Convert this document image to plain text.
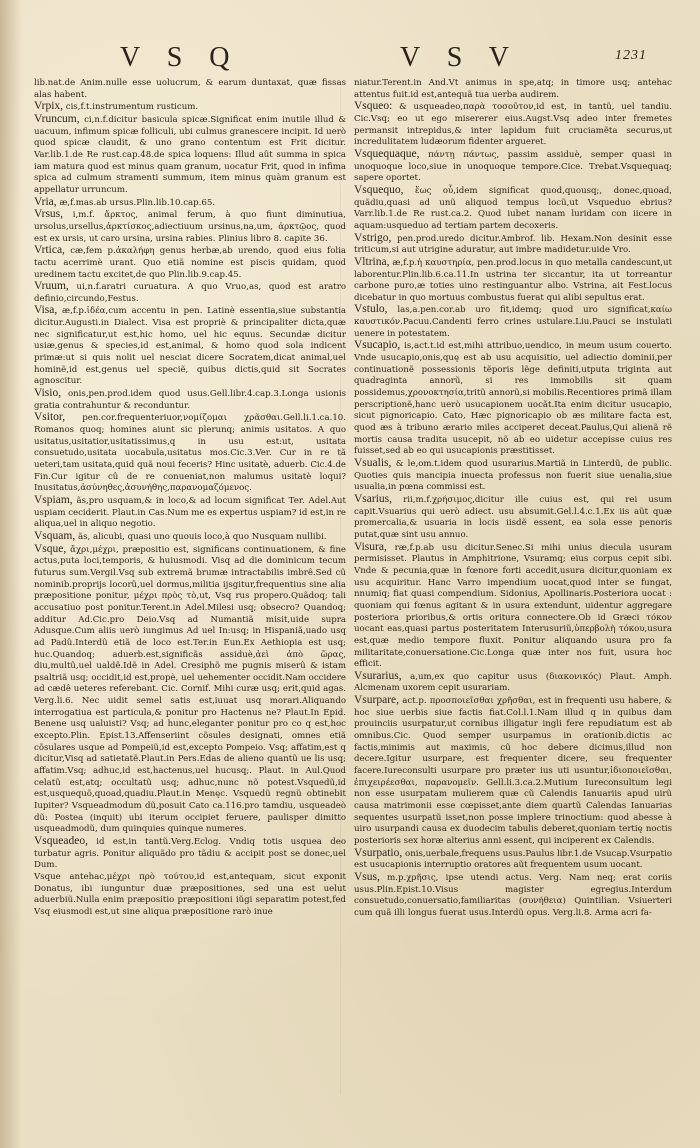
V S Q	V S V	1231

lib.nat.de Anim.nulle esse uolucrum, & earum duntaxat, quæ fissas alas habent.

Vrpix, cis,f.t.instrumentum rusticum.

Vruncum, ci,n.f.dicitur basicula spicæ.Significat enim inutile illud & uacuum, infimum spicæ folliculi, ubi culmus granescere incipit. Id uerò quod spicæ claudit, & uno grano contentum est Frit dicitur. Var.lib.1.de Re rust.cap.48.de spica loquens: Illud aût summa in spica iam matura quod est minus quam granum, uocatur Frit, quod in infima spica ad culmum stramenti summum, item minus quàm granum est appellatur urruncum.

Vria, æ,f.mas.ab ursus.Plin.lib.10.cap.65.

Vrsus, i,m.f. ἄρκτος, animal ferum, à quo fiunt diminutiua, ursolus,ursellus,ἀρκτίσκος,adiectiuum ursinus,na,um, ἀρκτῷος, quod est ex ursis, ut caro ursina, ursina rabies. Plinius libro 8. capite 36.

Vrtica, cæ,fem p.ἀκαλήφη genus herbæ,ab urendo, quod eius folia tactu acerrimè urant. Quo etiã nomine est piscis quidam, quod uredinem tactu excitet,de quo Plin.lib.9.cap.45.

Vruum, ui,n.f.aratri curuatura. A quo Vruo,as, quod est aratro definio,circundo,Festus.

Visa, æ,f.p.ἰδέα,cum accentu in pen. Latinè essentia,siue substantia dicitur.Augusti.in Dialect. Visa est propriè & principaliter dicta,quæ nec significatur,ut est,hic homo, uel hic equus. Secundæ dicitur usiæ,genus & species,id est,animal, & homo quod sola indicent primæ:ut si quis nolit uel nesciat dicere Socratem,dicat animal,uel hominẽ,id est,genus uel speciẽ, quibus dictis,quid sit Socrates agnoscitur.

Visio, onis,pen.prod.idem quod usus.Gell.libr.4.cap.3.Longa usionis gratia contrahuntur & reconduntur.

Vsitor, pen.cor.frequenteriuor,νομίζομαι χρᾶσθαι.Gell.li.1.ca.10. Romanos quoq; homines aiunt sic plerunq; animis usitatos. A quo usitatus,usitatior,usitatissimus,q in usu est:ut, usitata consuetudo,usitata uocabula,usitatus mos.Cic.3.Ver. Cur in re tã ueteri,tam usitata,quid quã noui feceris? Hinc usitatè, aduerb. Cic.4.de Fin.Cur igitur cû de re conueniat,non malumus usitatè loqui? Inusitatus,ἀσύνηθες,ἀσυνήθης,παρανομαζόμενος.

Vspiam, ãs,pro usquam,& in loco,& ad locum significat Ter. Adel.Aut uspiam ceciderit. Plaut.in Cas.Num me es expertus uspiam? id est,in re aliqua,uel in aliquo negotio.

Vsquam, ãs, alicubi, quasi uno quouis loco,à quo Nusquam nullibi.

Vsque, ἄχρι,μέχρι, præpositio est, significans continuationem, & fine actus,puta loci,temporis, & huiusmodi. Visq ad die dominicum tecum futurus sum.Vergil.Vsq sub extremã brumæ intractabilis imbrê.Sed cû nominib.proprijs locorû,uel dormus,militia ijsgitur,frequentius sine alia præpositione ponitur, μέχρι πρὸς τὸ,ut, Vsq rus propero.Quãdoq; tali accusatiuo post ponitur.Terent.in Adel.Milesi usq; obsecro? Quandoq; additur Ad.Cic.pro Deio.Vsq ad Numantiã misit,uide supra Adusque.Cum aliis uerò iungimus Ad uel In:usq; in Hispaniã,uado usq ad Padû.Interdû etiã de loco est.Ter.in Eun.Ex Aethiopia est usq; huc.Quandoq; aduerb.est,significãs assiduè,ἀεὶ ἀπὸ ὥρας, diu,multû,uel ualdê.Idẽ in Adel. Cresiphõ me pugnis miserû & istam psaltriã usq; occidit,id est,propè, uel uehementer occidit.Nam occidere ad cædê ueteres referebant. Cic. Cornif. Mihi curæ usq; erit,quid agas. Verg.li.6. Nec uidit semel satis est,iuuat usq morari.Aliquando interrogatiua est particula,& ponitur pro Hactenus ne? Plaut.In Epid. Benene usq ualuisti? Vsq; ad hunc,eleganter ponitur pro co q est,hoc excepto.Plin. Epist.13.Affenseriint cõsules designati, omnes etiã cõsulares usque ad Pompeiũ,id est,excepto Pompeio. Vsq; affatim,est q dicitur,Visq ad satietatẽ.Plaut.in Pers.Edas de alieno quantũ ue lis usq; affatim.Vsq; adhuc,id est,hactenus,uel hucusq;. Plaut. in Aul.Quod celatũ est,atq; occultatũ usq; adhuc,nunc nõ potest.Vsquedũ,id est,usquequõ,quoad,quadiu.Plaut.in Menęc. Vsquedũ regnũ obtinebit Iupiter? Vsqueadmodum dũ,posuit Cato ca.116.pro tamdiu, usqueadeò dũ: Postea (inquit) ubi iterum occipiet feruere, paulisper dimitto usqueadmodũ, dum quinquies quinque numeres.

Vsqueadeo, id est,in tantũ.Verg.Eclog. Vndiq totis usquea deo turbatur agris. Ponitur aliquãdo pro tãdiu & accipit post se donec,uel Dum.

Vsque antehac,μέχρι πρὸ τούτου,id est,antequam, sicut exponit Donatus, ibi iunguntur duæ præpositiones, sed una est uelut aduerbiũ.Nulla enim præpositio præpositioni iŭgi separatim potest,fed Vsq eiusmodi est,ut sine aliqua præpositione rarò inue

niatur.Terent.in And.Vt animus in spe,atq; in timore usq; antehac attentus fuit.id est,antequã tua uerba audirem.

Vsqueo: & usqueadeo,παρὰ τοσοῦτον,id est, in tantũ, uel tandiu. Cic.Vsq; eo ut ego misererer eius.Augst.Vsq adeo inter fremetes permansit intrepidus,& inter lapidum fuit cruciamẽta securus,ut incredulitatem ludæorum fidenter argueret.

Vsquequaque, πάντῃ πάντως, passim assiduè, semper quasi in unoquoque loco,siue in unoquoque tempore.Cice. Trebat.Vsquequaq; sapere oportet.

Vsquequo, ἕως οὗ,idem significat quod,quousq;, donec,quoad, quãdiu,quasi ad unũ aliquod tempus locũ,ut Vsqueduo ebrius? Varr.lib.1.de Re rust.ca.2. Quod iubet nanam luridam con iicere in aquam:usqueduo ad tertiam partem decoxeris.

Vstrigo, pen.prod.uredo dicitur.Ambrof. lib. Hexam.Non desinit esse triticum,si aut utrigine aduratur, aut imbre madidetur.uide Vro.

Vltrina, æ,f.p.ἡ καυστηρία, pen.prod.locus in quo metalla candescunt,ut laborentur.Plin.lib.6.ca.11.In ustrina ter siccantur, ita ut torreantur carbone puro,æ toties uino restinguantur albo. Vstrina, ait Fest.locus dicebatur in quo mortuus combustus fuerat qui alibi sepultus erat.

Vstulo, las,a.pen.cor.ab uro fit,idemq; quod uro significat,καίω καυστικόν.Pacuu.Candenti ferro crines ustulare.Liu.Pauci se instulati uenere in potestatem.

Vsucapio, is,act.t.id est,mihi attribuo,uendico, in meum usum couerto. Vnde usucapio,onis,quę est ab usu acquisitio, uel adiectio dominii,per continuationẽ possessionis tẽporis lẽge definiti,utputa triginta aut quadraginta annorũ, si res immobilis sit quam possidemus,χρονοκτησία,tritũ annorũ,si mobilis.Recentiores primã illam perscriptionẽ,hanc uerò usucapionem uocãt.Ita enim dicitur usucapio, sicut pignoricapio. Cato, Hæc pignoricapio ob æs militare facta est, quod æs à tribuno ærario miles acciperet deceat.Paulus,Qui alienã rẽ mortis causa tradita usucepit, nõ ab eo uidetur accepisse cuius res fuisset,sed ab eo qui usucapionis præstitisset.

Vsualis, & le,om.t.idem quod usurarius.Martiã in Linterdũ, de public. Quoties quis mancipia inuecta professus non fuerit siue uenalia,siue usualia,in pœna commissi est.

Vsarius, rii,m.f.χρήσιμος,dicitur ille cuius est, qui rei usum capit.Vsuarius qui uerò adiect. usu absumit.Gel.l.4.c.1.Ex iis aũt quæ promercalia,& usuaria in locis iisdẽ essent, ea sola esse penoris putat,quæ sint usu annuo.

Visura, ræ,f.p.ab usu dicitur.Senec.Si mihi unius diecula usuram permisisset. Plautus in Amphitrione, Vsuramq; eius corpus cepit sibi. Vnde & pecunia,quæ in fœnore forti accedit,usura dicitur,quoniam ex usu acquiritur. Hanc Varro impendium uocat,quod inter se fungat, nnumiq; fiat quasi compendium. Sidonius, Apollinaris.Posteriora uocat : quoniam qui fœnus agitant & in usura extendunt, uidentur aggregare posteriora prioribus,& ortis oritura connectere.Ob id Græci τόκον uocant eas,quasi partus posteritatem Interusuriũ,ὑπερβολὴ τόκου,usura est,quæ medio tempore fluxit. Ponitur aliquando usura pro fa militaritate,conuersatione.Cic.Longa quæ inter nos fuit, usura hoc efficit.

Vsurarius, a,um,ex quo capitur usus (διακονικός) Plaut. Amph. Alcmenam uxorem cepit usurariam.

Vsurpare, act.p. προσποιεῖσθαι χρῆσθαι, est in frequenti usu habere, & hoc siue uerbis siue factis fiat.Col.l.1.Nam illud q in quibus dam prouinciis usurpatur,ut cornibus illigatur ingli fere repudiatum est ab omnibus.Cic. Quod semper usurpamus in orationib.dictis ac factis,minimis aut maximis, cû hoc debere dicimus,illud non decere.Igitur usurpare, est frequenter dicere, seu frequenter facere.Iureconsulti usurpare pro præter ius uti usuntur,ἰδιοποιεῖσθαι, ἐπιχειρέεσθαι, παρανομεῖν. Gell.li.3.ca.2.Mutium Iureconsultum legi non esse usurpatam mulierem quæ cũ Calendis Ianuariis apud uirũ causa matrimonii esse cœpisset,ante diem quartũ Calendas Ianuarias sequentes usurpatũ isset,non posse implere trinoctium: quod abesse à uiro usurpandi causa ex duodecim tabulis deberet,quoniam tertię noctis posterioris sex horæ alterius anni essent, qui inciperent ex Calendis.

Vsurpatio, onis,uerbale,frequens usus.Paulus libr.1.de Vsucap.Vsurpatio est usucapionis interruptio oratores aũt frequentem usum uocant.

Vsus, m.p.χρῆσις, ipse utendi actus. Verg. Nam neq; erat coriis usus.Plin.Epist.10.Visus magister egregius.Interdum consuetudo,conuersatio,familiaritas (συνήθεια) Quintilian. Vsiuerteri cum quã illi longus fuerat usus.Interdũ opus. Verg.li.8. Arma acri fa-
